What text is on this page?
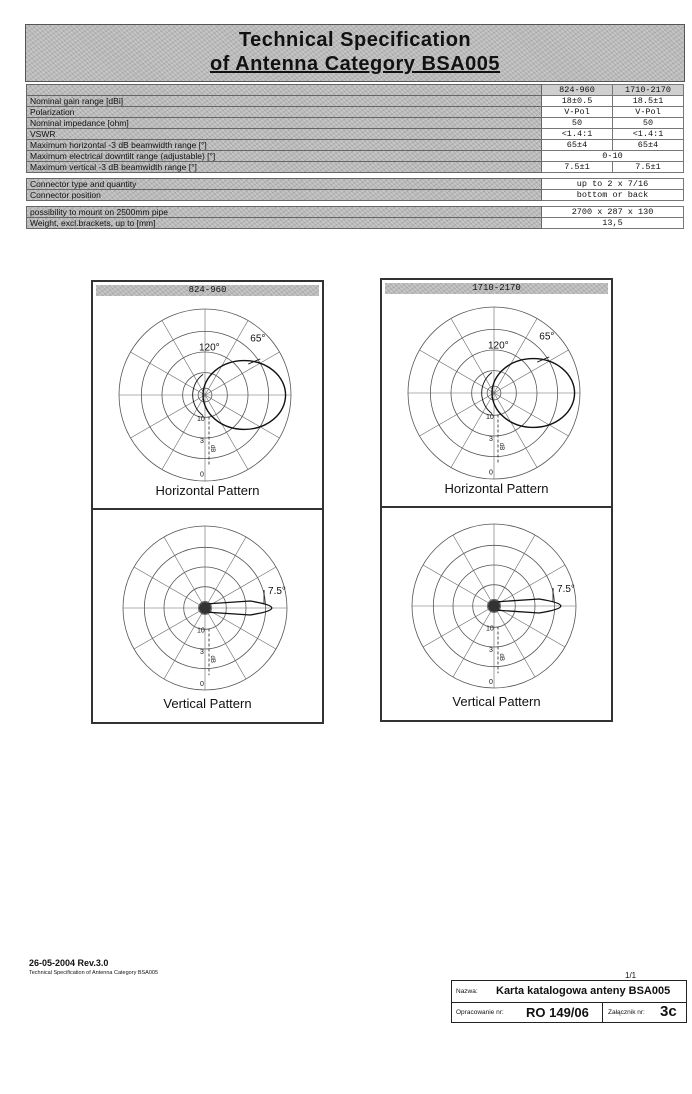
Technical Specification
of Antenna Category BSA005
	824-960	1710-2170
Nominal gain range [dBi]	18±0.5	18.5±1
Polarization	V-Pol	V-Pol
Nominal impedance [ohm]	50	50
VSWR	<1.4:1	<1.4:1
Maximum horizontal -3 dB beamwidth range [°]	65±4	65±4
Maximum electrical downtilt range (adjustable) [°]	0-10	
Maximum vertical -3 dB beamwidth range [°]	7.5±1	7.5±1

Connector type and quantity	up to 2 x 7/16	
Connector position	bottom or back	

possibility to mount on 2500mm pipe	2700 x 287 x 130	
Weight, excl.brackets, up to [mm]	13,5	
824-960
10
3
0
dB
120°
65°
Horizontal Pattern
10
3
0
dB
7.5°
Vertical Pattern
1710-2170
10
3
0
dB
120°
65°
Horizontal Pattern
10
3
0
dB
7.5°
Vertical Pattern
26-05-2004 Rev.3.0
Technical Specification of Antenna Category BSA005	1/1
Nazwa: Karta katalogowa anteny BSA005
Opracowanie nr: RO 149/06	Załącznik nr: 3c
